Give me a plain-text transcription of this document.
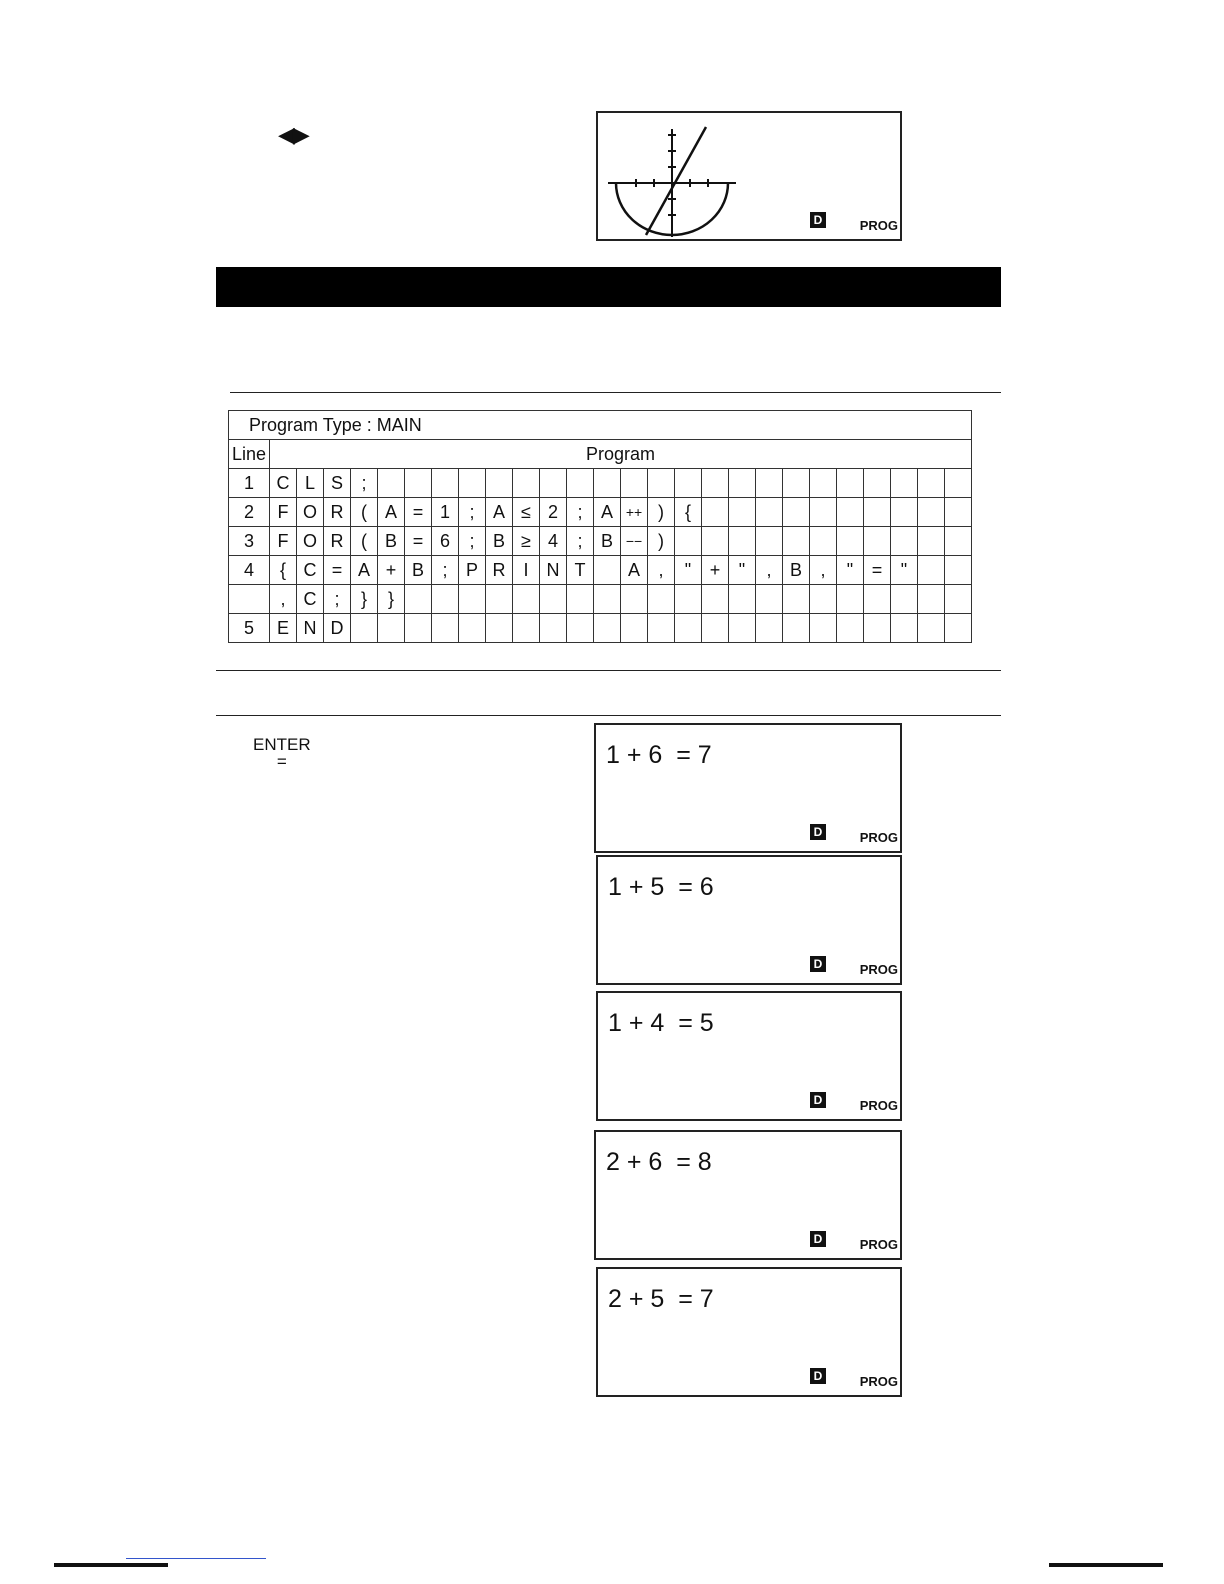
◀▶
D	PROG
Program Type : MAIN																										
Line	Program																									
1	C	L	S	;																						
2	F	O	R	(	A	=	1	;	A	≤	2	;	A	++	)	{										
3	F	O	R	(	B	=	6	;	B	≥	4	;	B	−−	)											
4	{	C	=	A	+	B	;	P	R	I	N	T		A	,	"	+	"	,	B	,	"	=	"		
	,	C	;	}	}																					
5	E	N	D																							
ENTER
=	1 + 6  = 7
D	PROG
1 + 5  = 6
D	PROG
1 + 4  = 5
D	PROG
2 + 6  = 8
D	PROG
2 + 5  = 7
D	PROG
